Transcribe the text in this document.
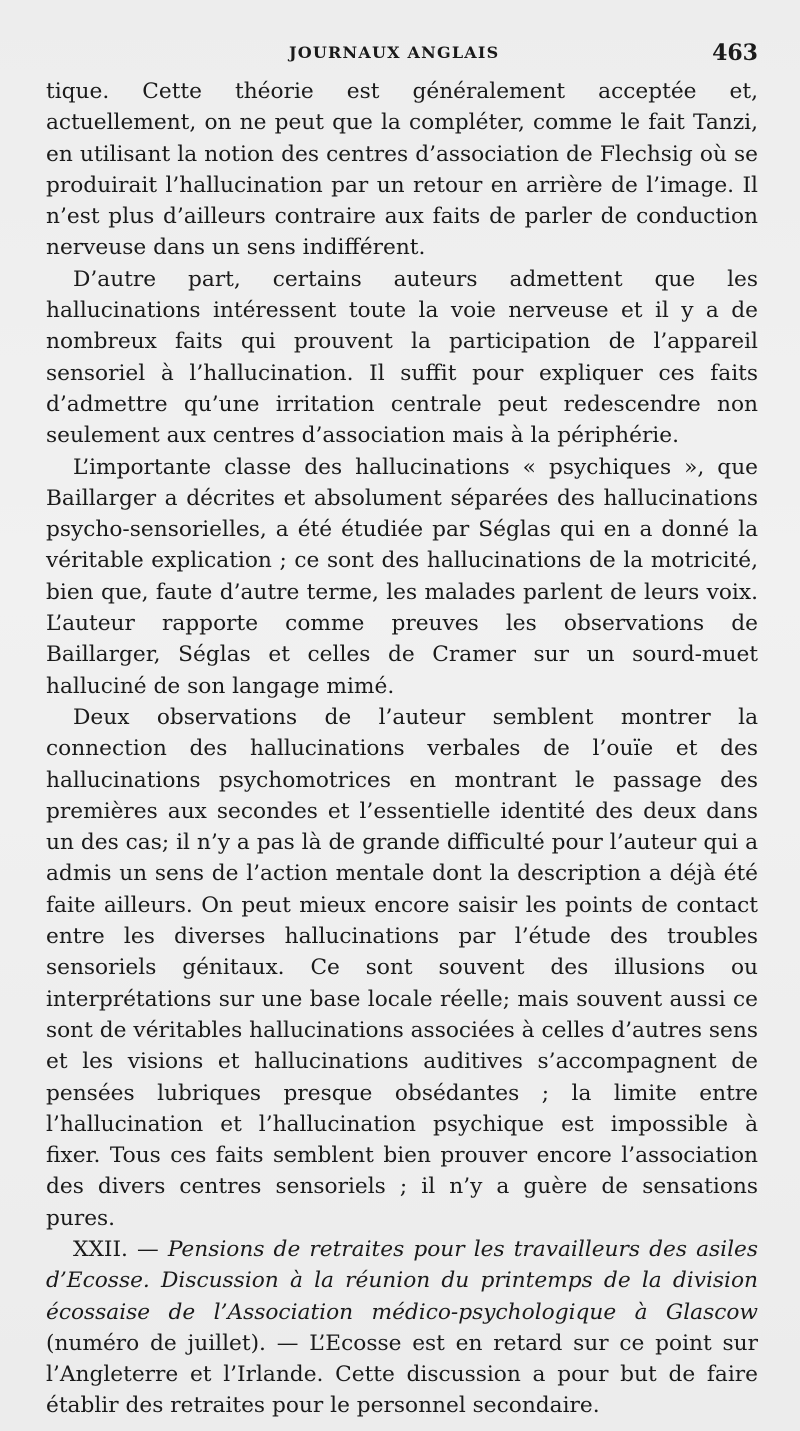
JOURNAUX ANGLAIS	463

tique. Cette théorie est généralement acceptée et, actuellement, on ne peut que la compléter, comme le fait Tanzi, en utilisant la notion des centres d’association de Flechsig où se produirait l’hallucination par un retour en arrière de l’image. Il n’est plus d’ailleurs contraire aux faits de parler de conduction nerveuse dans un sens indifférent.

D’autre part, certains auteurs admettent que les hallucinations intéressent toute la voie nerveuse et il y a de nombreux faits qui prouvent la participation de l’appareil sensoriel à l’hallucination. Il suffit pour expliquer ces faits d’admettre qu’une irritation centrale peut redescendre non seulement aux centres d’association mais à la périphérie.

L’importante classe des hallucinations « psychiques », que Baillarger a décrites et absolument séparées des hallucinations psycho-sensorielles, a été étudiée par Séglas qui en a donné la véritable explication ; ce sont des hallucinations de la motricité, bien que, faute d’autre terme, les malades parlent de leurs voix. L’auteur rapporte comme preuves les observations de Baillarger, Séglas et celles de Cramer sur un sourd-muet halluciné de son langage mimé.

Deux observations de l’auteur semblent montrer la connection des hallucinations verbales de l’ouïe et des hallucinations psychomotrices en montrant le passage des premières aux secondes et l’essentielle identité des deux dans un des cas; il n’y a pas là de grande difficulté pour l’auteur qui a admis un sens de l’action mentale dont la description a déjà été faite ailleurs. On peut mieux encore saisir les points de contact entre les diverses hallucinations par l’étude des troubles sensoriels génitaux. Ce sont souvent des illusions ou interprétations sur une base locale réelle; mais souvent aussi ce sont de véritables hallucinations associées à celles d’autres sens et les visions et hallucinations auditives s’accompagnent de pensées lubriques presque obsédantes ; la limite entre l’hallucination et l’hallucination psychique est impossible à fixer. Tous ces faits semblent bien prouver encore l’association des divers centres sensoriels ; il n’y a guère de sensations pures.

XXII. — Pensions de retraites pour les travailleurs des asiles d’Ecosse. Discussion à la réunion du printemps de la division écossaise de l’Association médico-psychologique à Glascow (numéro de juillet). — L’Ecosse est en retard sur ce point sur l’Angleterre et l’Irlande. Cette discussion a pour but de faire établir des retraites pour le personnel secondaire.
